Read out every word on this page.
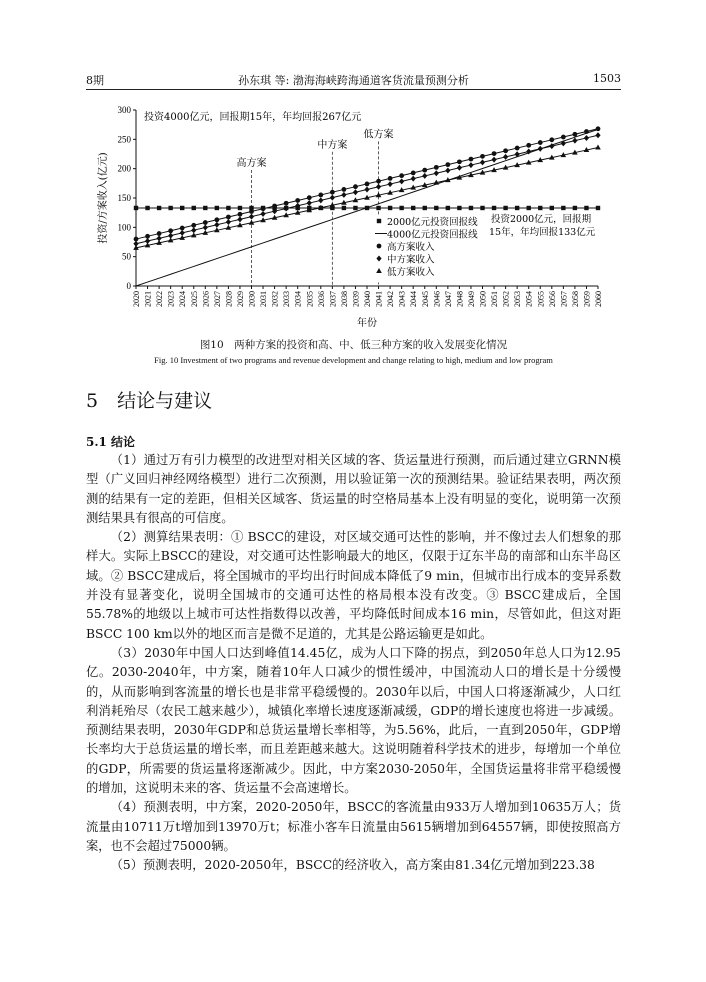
8期	孙东琪 等: 渤海海峡跨海通道客货流量预测分析	1503
0
50
100
150
200
250
300
2020 2021 2022 2023 2024 2025 2026 2027 2028 2029 2030 2031 2032 2033 2034 2035 2036 2037 2038 2039 2040 2041 2042 2043 2044 2045 2046 2047 2048 2049 2050 2051 2052 2053 2054 2055 2056 2057 2058 2059 2060
年份
投资/方案收入(亿元)	高方案
中方案
低方案
投资4000亿元，回报期15年，年均回报267亿元
投资2000亿元，回报期
15年，年均回报133亿元
2000亿元投资回报线
4000亿元投资回报线
高方案收入
中方案收入
低方案收入
图10　两种方案的投资和高、中、低三种方案的收入发展变化情况
Fig. 10 Investment of two programs and revenue development and change relating to high, medium and low program
5　结论与建议
5.1 结论

（1）通过万有引力模型的改进型对相关区域的客、货运量进行预测，而后通过建立GRNN模型（广义回归神经网络模型）进行二次预测，用以验证第一次的预测结果。验证结果表明，两次预测的结果有一定的差距，但相关区域客、货运量的时空格局基本上没有明显的变化，说明第一次预测结果具有很高的可信度。

（2）测算结果表明：① BSCC的建设，对区域交通可达性的影响，并不像过去人们想象的那样大。实际上BSCC的建设，对交通可达性影响最大的地区，仅限于辽东半岛的南部和山东半岛区域。② BSCC建成后，将全国城市的平均出行时间成本降低了9 min，但城市出行成本的变异系数并没有显著变化，说明全国城市的交通可达性的格局根本没有改变。③ BSCC建成后，全国55.78%的地级以上城市可达性指数得以改善，平均降低时间成本16 min，尽管如此，但这对距BSCC 100 km以外的地区而言是微不足道的，尤其是公路运输更是如此。

（3）2030年中国人口达到峰值14.45亿，成为人口下降的拐点，到2050年总人口为12.95亿。2030-2040年，中方案，随着10年人口减少的惯性缓冲，中国流动人口的增长是十分缓慢的，从而影响到客流量的增长也是非常平稳缓慢的。2030年以后，中国人口将逐渐减少，人口红利消耗殆尽（农民工越来越少），城镇化率增长速度逐渐减缓，GDP的增长速度也将进一步减缓。预测结果表明，2030年GDP和总货运量增长率相等，为5.56%，此后，一直到2050年，GDP增长率均大于总货运量的增长率，而且差距越来越大。这说明随着科学技术的进步，每增加一个单位的GDP，所需要的货运量将逐渐减少。因此，中方案2030-2050年，全国货运量将非常平稳缓慢的增加，这说明未来的客、货运量不会高速增长。

（4）预测表明，中方案，2020-2050年，BSCC的客流量由933万人增加到10635万人；货流量由10711万t增加到13970万t；标准小客车日流量由5615辆增加到64557辆，即使按照高方案，也不会超过75000辆。

（5）预测表明，2020-2050年，BSCC的经济收入，高方案由81.34亿元增加到223.38
